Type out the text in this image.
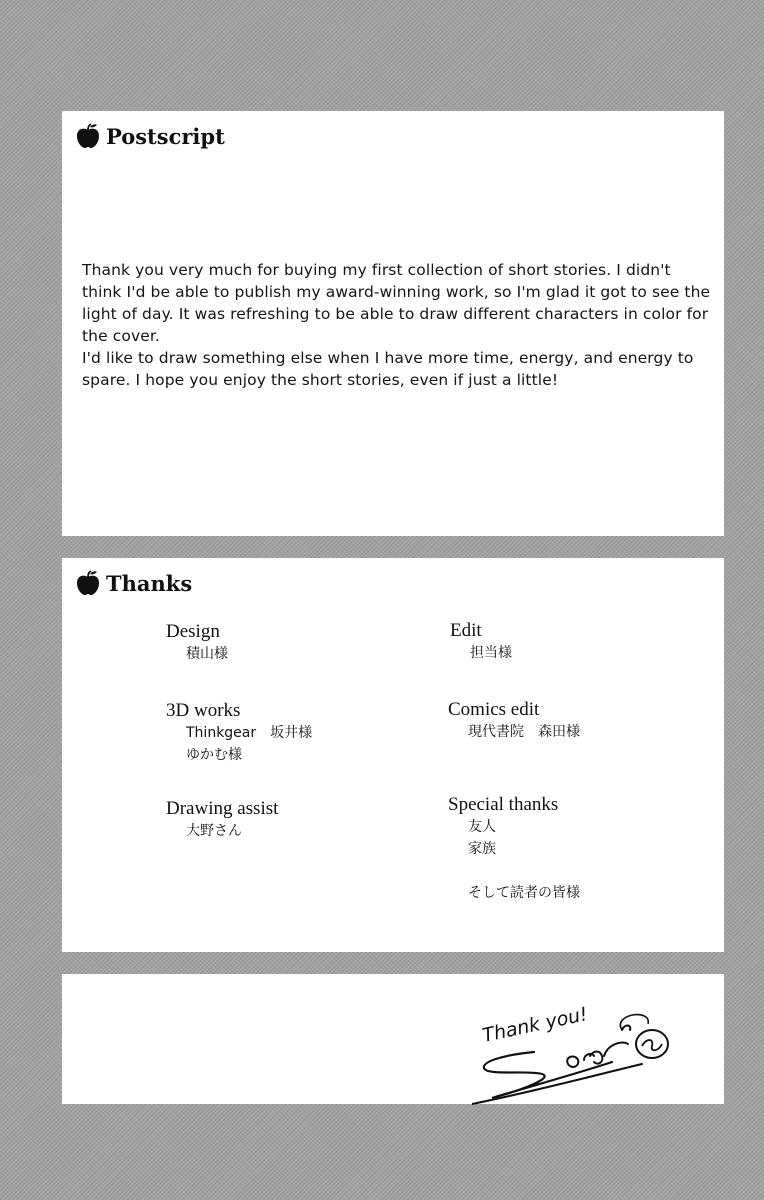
Postscript

Thank you very much for buying my first collection of short stories. I didn't think I'd be able to publish my award-winning work, so I'm glad it got to see the light of day. It was refreshing to be able to draw different characters in color for the cover.

I'd like to draw something else when I have more time, energy, and energy to spare. I hope you enjoy the short stories, even if just a little!

Thanks
Design
積山様
3D works
Thinkgear　坂井様
ゆかむ様
Drawing assist
大野さん
Edit
担当様
Comics edit
現代書院　森田様
Special thanks
友人
家族
そして読者の皆様
Thank you!
